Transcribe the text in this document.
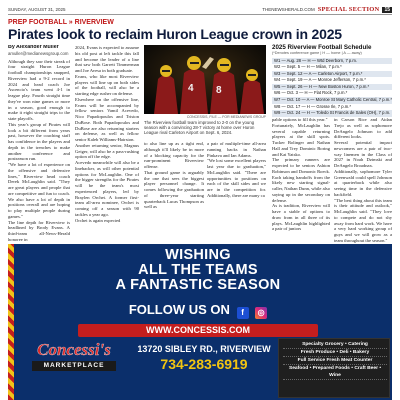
SUNDAY, AUGUST 31, 2025	THENEWSHERALD.COM SPECIAL SECTION	15
PREP FOOTBALL » RIVERVIEW
Pirates look to reclaim Huron League crown in 2025
By Alexander Muller
amuller@medianewsgroup.com

Although they saw their streak of four straight Huron League football championships snapped, Riverview had a 9-2 record in 2024 and head coach Joe Ascencio's team went 4-1 in league play. Fourth straight time they've won nine games or more in a season, good enough to make it eight straight trips to the state playoffs.

This year's group of Pirates will look a bit different from years past, however the coaching staff has confidence in the players and depth in the trenches to make another conference and postseason run.

"We have a lot of experience on the offensive and defensive lines," Riverview head coach Derek McLaughlin said. "They are great players and people that are competitive and fun to coach. We also have a lot of depth in positions overall and are hoping to play multiple people during games."

The line depth for Riverview is headlined by Brody Evans. A third-team all-News-Herald honoree in

2024, Evans is expected to assume his old post at left tackle this fall and become the leader of a line that saw both Garrett Timmerman and Joe Avesa in both graduate.

Evans, who like most Riverview players will line up on both sides of the football, will also be a starting edge rusher on defense.

Elsewhere on the offensive line, Evans will be accompanied by fellow seniors Vamil Acevedo, Nico Papadopoulos and Triston DuBose. Both Papadopoulos and DuBose are also returning starters on defense, as well as fellow senior Kaleb Williams-Hairston.

Another returning senior, Magnus Geiger, will also be a pass-rushing option off the edge.

Acevedo meanwhile will also be a linebacker, as will other potential options for McLaughlin. One of the bigger strengths for the Pirates will be the team's most experienced players, led by Braylen Orchet. A former first-team all-area nominee, Orchet is coming off a season with 90 tackles a year ago.

Orchet is again expected

4 8
CONCESSIS, FILE — FOR MEDIANEWS GROUP
The Riverview football team improved to 2-0 on the young season with a convincing 28-7 victory at home over Huron League rival Carleton Airport on Sept. 6, 2024.

to also line up as a tight end, although it'll likely be in more of a blocking capacity for the run-prominent Riverview offense.

That ground game is arguably the one that sees the biggest player personnel change. It comes following the graduation of three-year starting quarterback Lucas Thompson as well as

a pair of multiple-time all-area running backs in Nathan Pinkava and Ian Adams.

"We lost some excellent players last year due to graduation," McLaughlin said. "There are opportunities to positions on each of the skill sides and we are in the competition for. Additionally, there are many ca

2025 Riverview Football Schedule
(*Denotes conference game | H — home | A — away)
W1 — Aug. 28 — H — Wtd Deerborn, 7 p.m.
W2 — Sept. 5 — H — Milan, 7 p.m.*
W3 — Sept. 12 — A — Carleton Airport, 7 p.m.*
W4 — Sept. 19 — A — Monroe Jefferson, 7 p.m.*
W5 — Sept. 26 — H — New Boston Huron, 7 p.m.*
W6 — Oct. 3 — H — Flat Rock, 7 p.m.*
W7 — Oct. 10 — A — Monroe St Mary Catholic Central, 7 p.m.*
W8 — Oct. 17 — H — Grosse Ile, 7 p.m.*
W9 — Oct. 24 — H — Toledo St Francis de Sales (OH), 7 p.m.

pable options to fill this year."

Fortunately, McLaughlin has several capable returning players at the skill spots. Tucker Bolinger and Nathan Hall and Trey Dominic Boring and Kai Yatsko.

The primary runners are expected to be seniors Ashton Robinson and Domonic Roeck. Each taking handoffs from the likely new starting signal-caller, Nathan Dunn, while also saying up in the secondary on defense.

As is tradition, Riverview will have a stable of options to draw from in all three of its plays. McLaughlin highlighted a pair of juniors

in Carson Rice and Aidan Trejo as well as sophomore DeAngelo Johnson to add different looks.

Several potential impact newcomers are a pair of two-way linemen in the Class of 2027 in Noah Dzimski and DeAngelo Broadnax.

Additionally, sophomore Tyler Greenwald could spell Johnson at quarterback while also seeing time in the defensive backfield.

"The best thing about this team is their attitude and outlook," McLaughlin said. "They love to compete and do not shy away from hard work. We have a very hard working group of guys and we will grow as a team throughout the season."

WISHING
ALL THE TEAMS
A FANTASTIC SEASON
FOLLOW US ON f ◎
WWW.CONCESSIS.COM
Concessi's
MARKETPLACE
13720 SIBLEY RD., RIVERVIEW
734-283-6919
Specialty Grocery • Catering
Fresh Produce • Deli • Bakery
Full Service Fresh Meat Counter
Seafood • Prepared Foods • Craft Beer • Wine
